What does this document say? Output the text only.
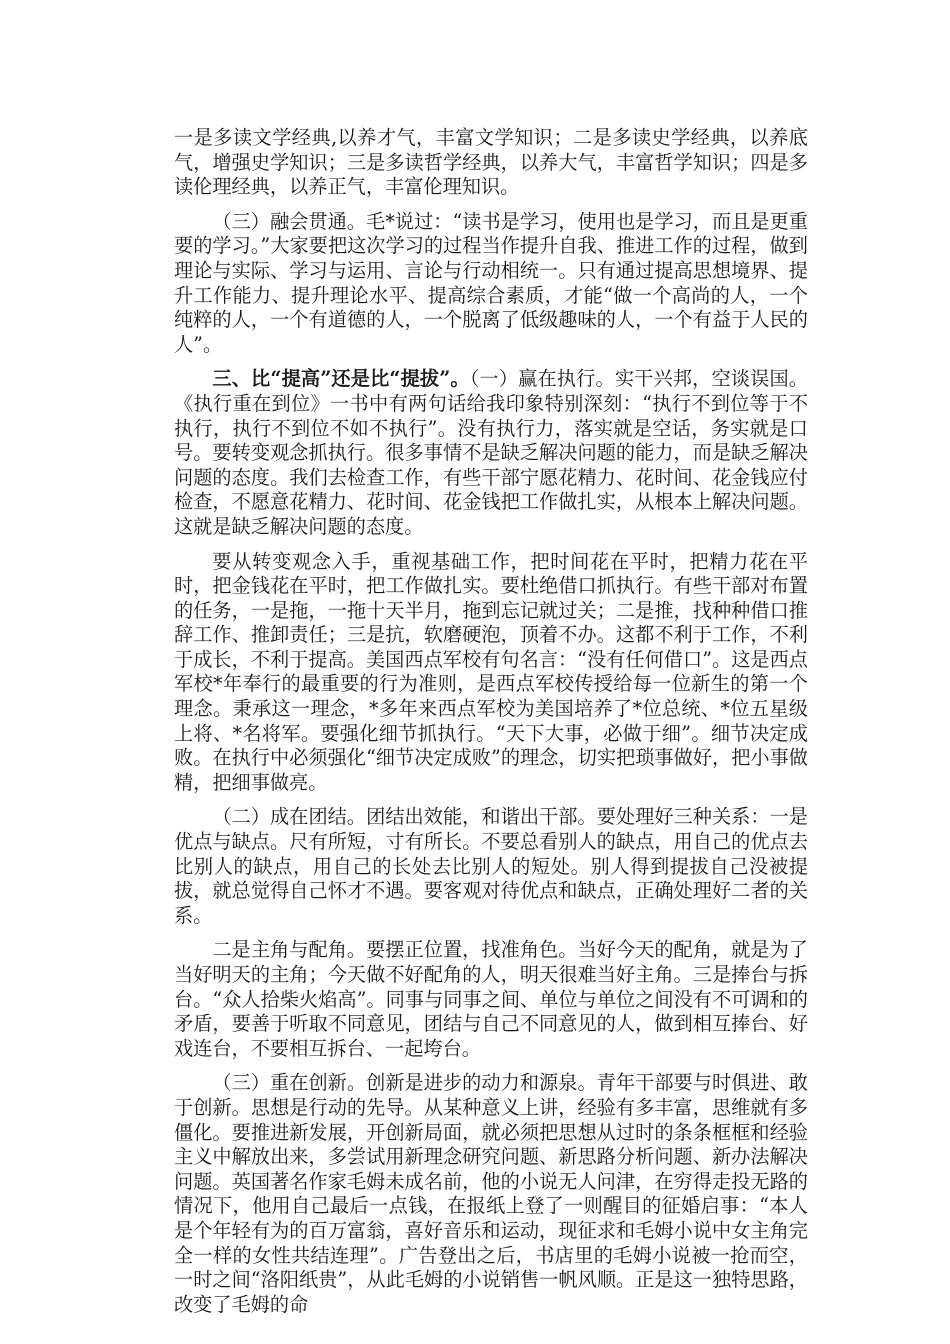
一是多读文学经典,以养才气，丰富文学知识；二是多读史学经典，以养底气，增强史学知识；三是多读哲学经典，以养大气，丰富哲学知识；四是多读伦理经典，以养正气，丰富伦理知识。

（三）融会贯通。毛*说过：“读书是学习，使用也是学习，而且是更重要的学习。”大家要把这次学习的过程当作提升自我、推进工作的过程，做到理论与实际、学习与运用、言论与行动相统一。只有通过提高思想境界、提升工作能力、提升理论水平、提高综合素质，才能“做一个高尚的人，一个纯粹的人，一个有道德的人，一个脱离了低级趣味的人，一个有益于人民的人”。

三、比“提高”还是比“提拔”。（一）赢在执行。实干兴邦，空谈误国。《执行重在到位》一书中有两句话给我印象特别深刻：“执行不到位等于不执行，执行不到位不如不执行”。没有执行力，落实就是空话，务实就是口号。要转变观念抓执行。很多事情不是缺乏解决问题的能力，而是缺乏解决问题的态度。我们去检查工作，有些干部宁愿花精力、花时间、花金钱应付检查，不愿意花精力、花时间、花金钱把工作做扎实，从根本上解决问题。这就是缺乏解决问题的态度。

要从转变观念入手，重视基础工作，把时间花在平时，把精力花在平时，把金钱花在平时，把工作做扎实。要杜绝借口抓执行。有些干部对布置的任务，一是拖，一拖十天半月，拖到忘记就过关；二是推，找种种借口推辞工作、推卸责任；三是抗，软磨硬泡，顶着不办。这都不利于工作，不利于成长，不利于提高。美国西点军校有句名言：“没有任何借口”。这是西点军校*年奉行的最重要的行为准则，是西点军校传授给每一位新生的第一个理念。秉承这一理念，*多年来西点军校为美国培养了*位总统、*位五星级上将、*名将军。要强化细节抓执行。“天下大事，必做于细”。细节决定成败。在执行中必须强化“细节决定成败”的理念，切实把琐事做好，把小事做精，把细事做亮。

（二）成在团结。团结出效能，和谐出干部。要处理好三种关系：一是优点与缺点。尺有所短，寸有所长。不要总看别人的缺点，用自己的优点去比别人的缺点，用自己的长处去比别人的短处。别人得到提拔自己没被提拔，就总觉得自己怀才不遇。要客观对待优点和缺点，正确处理好二者的关系。

二是主角与配角。要摆正位置，找准角色。当好今天的配角，就是为了当好明天的主角；今天做不好配角的人，明天很难当好主角。三是捧台与拆台。“众人拾柴火焰高”。同事与同事之间、单位与单位之间没有不可调和的矛盾，要善于听取不同意见，团结与自己不同意见的人，做到相互捧台、好戏连台，不要相互拆台、一起垮台。

（三）重在创新。创新是进步的动力和源泉。青年干部要与时俱进、敢于创新。思想是行动的先导。从某种意义上讲，经验有多丰富，思维就有多僵化。要推进新发展，开创新局面，就必须把思想从过时的条条框框和经验主义中解放出来，多尝试用新理念研究问题、新思路分析问题、新办法解决问题。英国著名作家毛姆未成名前，他的小说无人问津，在穷得走投无路的情况下，他用自己最后一点钱，在报纸上登了一则醒目的征婚启事：“本人是个年轻有为的百万富翁，喜好音乐和运动，现征求和毛姆小说中女主角完全一样的女性共结连理”。广告登出之后，书店里的毛姆小说被一抢而空，一时之间“洛阳纸贵”，从此毛姆的小说销售一帆风顺。正是这一独特思路，改变了毛姆的命
